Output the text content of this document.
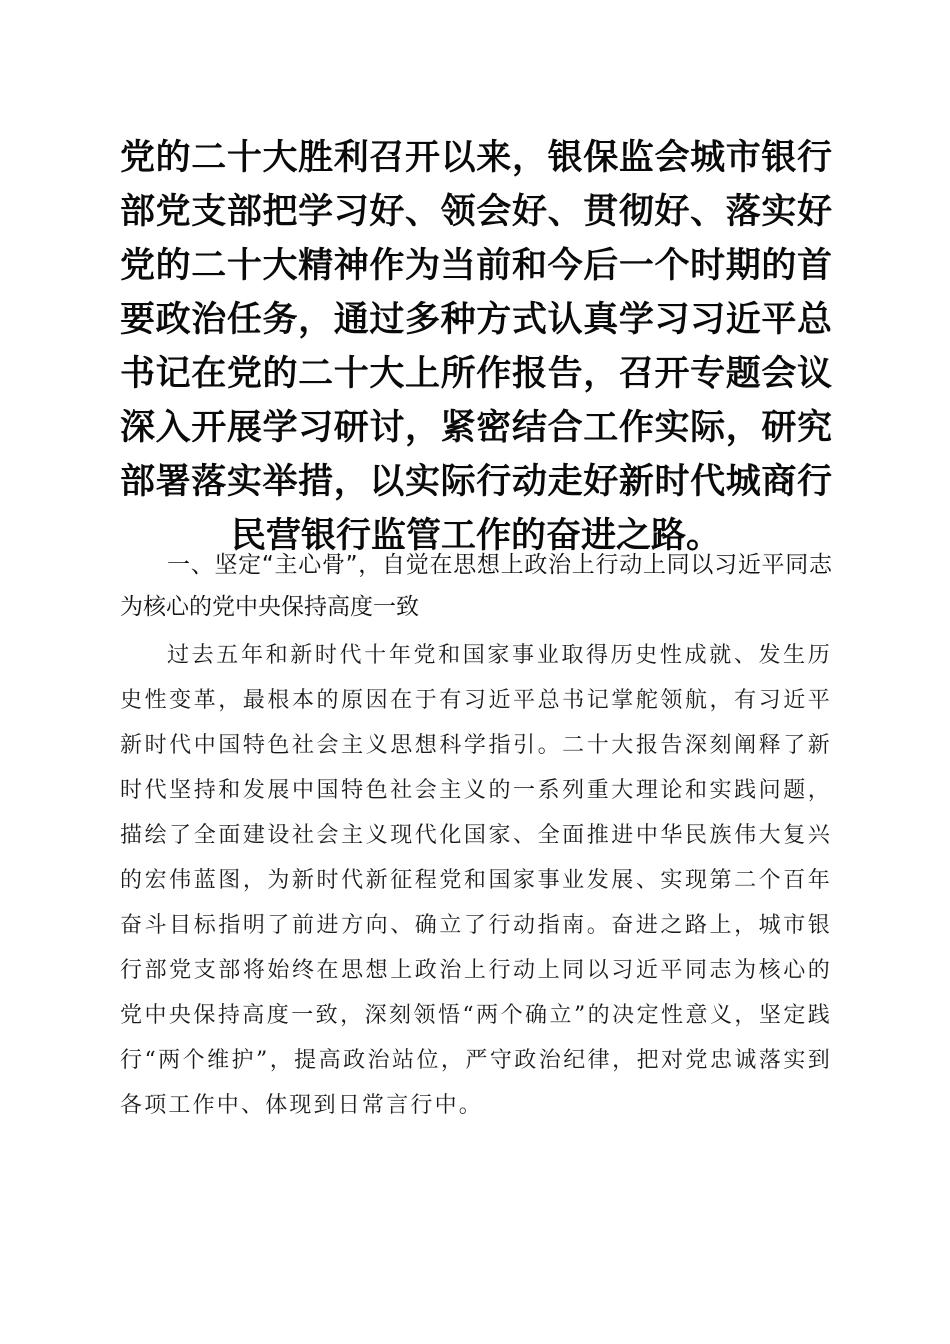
党的二十大胜利召开以来，银保监会城市银行部党支部把学习好、领会好、贯彻好、落实好党的二十大精神作为当前和今后一个时期的首要政治任务，通过多种方式认真学习习近平总书记在党的二十大上所作报告，召开专题会议深入开展学习研讨，紧密结合工作实际，研究部署落实举措，以实际行动走好新时代城商行民营银行监管工作的奋进之路。

一、坚定“主心骨”，自觉在思想上政治上行动上同以习近平同志为核心的党中央保持高度一致

过去五年和新时代十年党和国家事业取得历史性成就、发生历史性变革，最根本的原因在于有习近平总书记掌舵领航，有习近平新时代中国特色社会主义思想科学指引。二十大报告深刻阐释了新时代坚持和发展中国特色社会主义的一系列重大理论和实践问题，描绘了全面建设社会主义现代化国家、全面推进中华民族伟大复兴的宏伟蓝图，为新时代新征程党和国家事业发展、实现第二个百年奋斗目标指明了前进方向、确立了行动指南。奋进之路上，城市银行部党支部将始终在思想上政治上行动上同以习近平同志为核心的党中央保持高度一致，深刻领悟“两个确立”的决定性意义，坚定践行“两个维护”，提高政治站位，严守政治纪律，把对党忠诚落实到各项工作中、体现到日常言行中。
